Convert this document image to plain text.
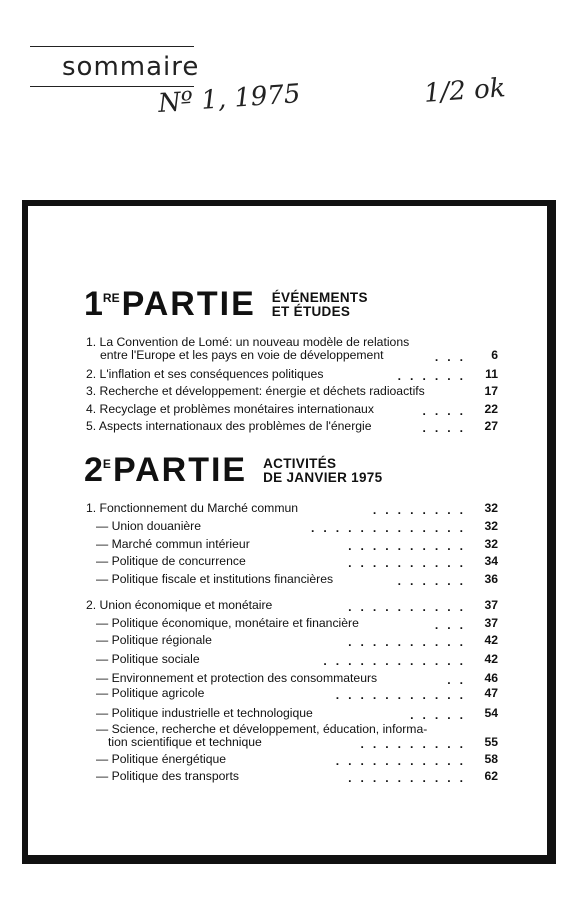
sommaire
Nº 1, 1975	1/2 ok
1 RE PARTIE ÉVÉNEMENTS
ET ÉTUDES
1. La Convention de Lomé: un nouveau modèle de relations
entre l'Europe et les pays en voie de développement	... 6
2. L'inflation et ses conséquences politiques	...... 11
3. Recherche et développement: énergie et déchets radioactifs	17
4. Recyclage et problèmes monétaires internationaux	.... 22
5. Aspects internationaux des problèmes de l'énergie	.... 27
2 E PARTIE ACTIVITÉS
DE JANVIER 1975
1. Fonctionnement du Marché commun	........ 32
— Union douanière	............. 32
— Marché commun intérieur	.......... 32
— Politique de concurrence	.......... 34
— Politique fiscale et institutions financières	...... 36
2. Union économique et monétaire	.......... 37
— Politique économique, monétaire et financière	... 37
— Politique régionale	.......... 42
— Politique sociale	............ 42
— Environnement et protection des consommateurs	.. 46
— Politique agricole	........... 47
— Politique industrielle et technologique	..... 54
— Science, recherche et développement, éducation, informa-
tion scientifique et technique	......... 55
— Politique énergétique	........... 58
— Politique des transports	.......... 62
